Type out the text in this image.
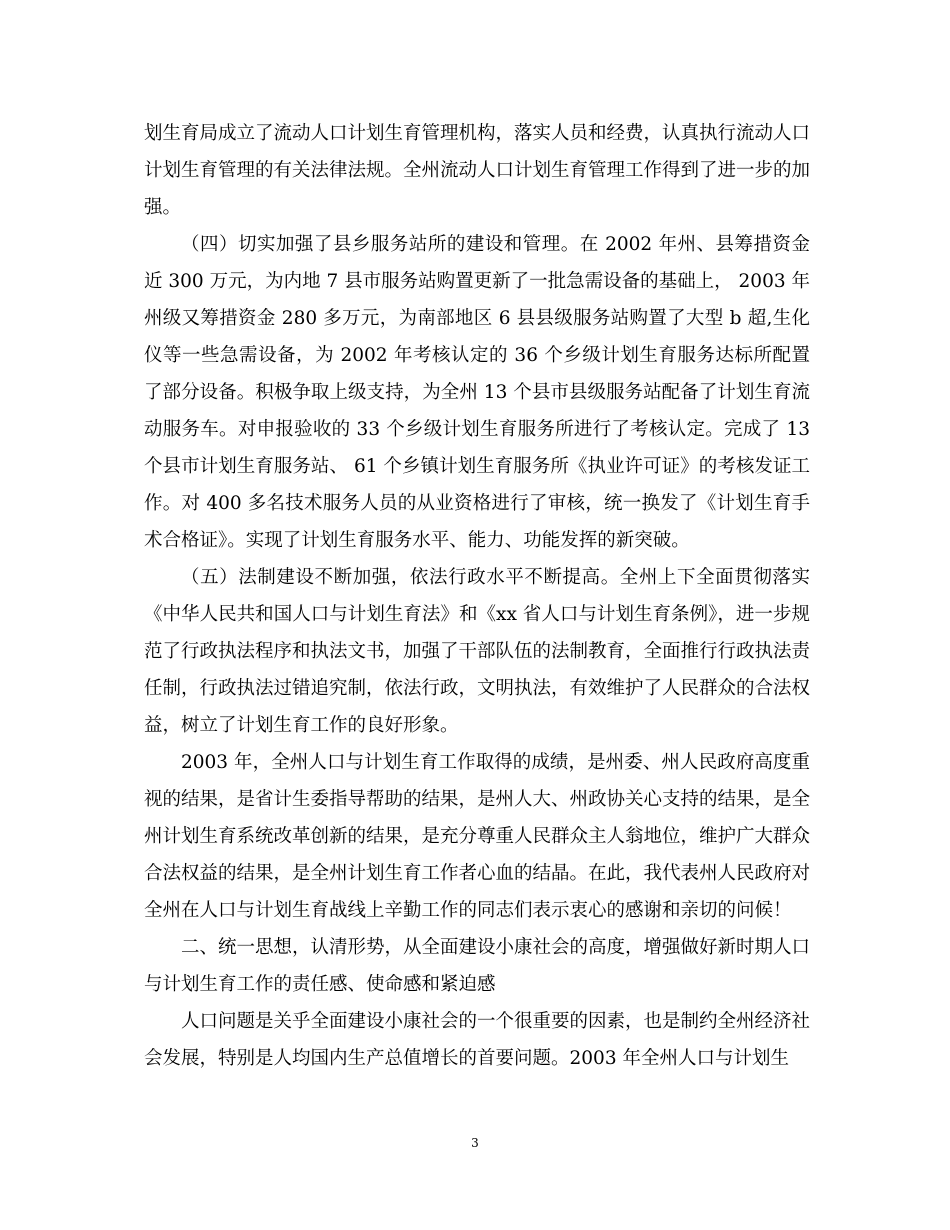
划生育局成立了流动人口计划生育管理机构，落实人员和经费，认真执行流动人口计划生育管理的有关法律法规。全州流动人口计划生育管理工作得到了进一步的加强。

（四）切实加强了县乡服务站所的建设和管理。在 2002 年州、县筹措资金近 300 万元，为内地 7 县市服务站购置更新了一批急需设备的基础上， 2003 年州级又筹措资金 280 多万元，为南部地区 6 县县级服务站购置了大型 b 超,生化仪等一些急需设备，为 2002 年考核认定的 36 个乡级计划生育服务达标所配置了部分设备。积极争取上级支持，为全州 13 个县市县级服务站配备了计划生育流动服务车。对申报验收的 33 个乡级计划生育服务所进行了考核认定。完成了 13 个县市计划生育服务站、 61 个乡镇计划生育服务所《执业许可证》的考核发证工作。对 400 多名技术服务人员的从业资格进行了审核，统一换发了《计划生育手术合格证》。实现了计划生育服务水平、能力、功能发挥的新突破。

（五）法制建设不断加强，依法行政水平不断提高。全州上下全面贯彻落实《中华人民共和国人口与计划生育法》和《xx 省人口与计划生育条例》，进一步规范了行政执法程序和执法文书，加强了干部队伍的法制教育，全面推行行政执法责任制，行政执法过错追究制，依法行政，文明执法，有效维护了人民群众的合法权益，树立了计划生育工作的良好形象。

2003 年，全州人口与计划生育工作取得的成绩，是州委、州人民政府高度重视的结果，是省计生委指导帮助的结果，是州人大、州政协关心支持的结果，是全州计划生育系统改革创新的结果，是充分尊重人民群众主人翁地位，维护广大群众合法权益的结果，是全州计划生育工作者心血的结晶。在此，我代表州人民政府对全州在人口与计划生育战线上辛勤工作的同志们表示衷心的感谢和亲切的问候！

二、统一思想，认清形势，从全面建设小康社会的高度，增强做好新时期人口与计划生育工作的责任感、使命感和紧迫感

人口问题是关乎全面建设小康社会的一个很重要的因素，也是制约全州经济社会发展，特别是人均国内生产总值增长的首要问题。2003 年全州人口与计划生

3
